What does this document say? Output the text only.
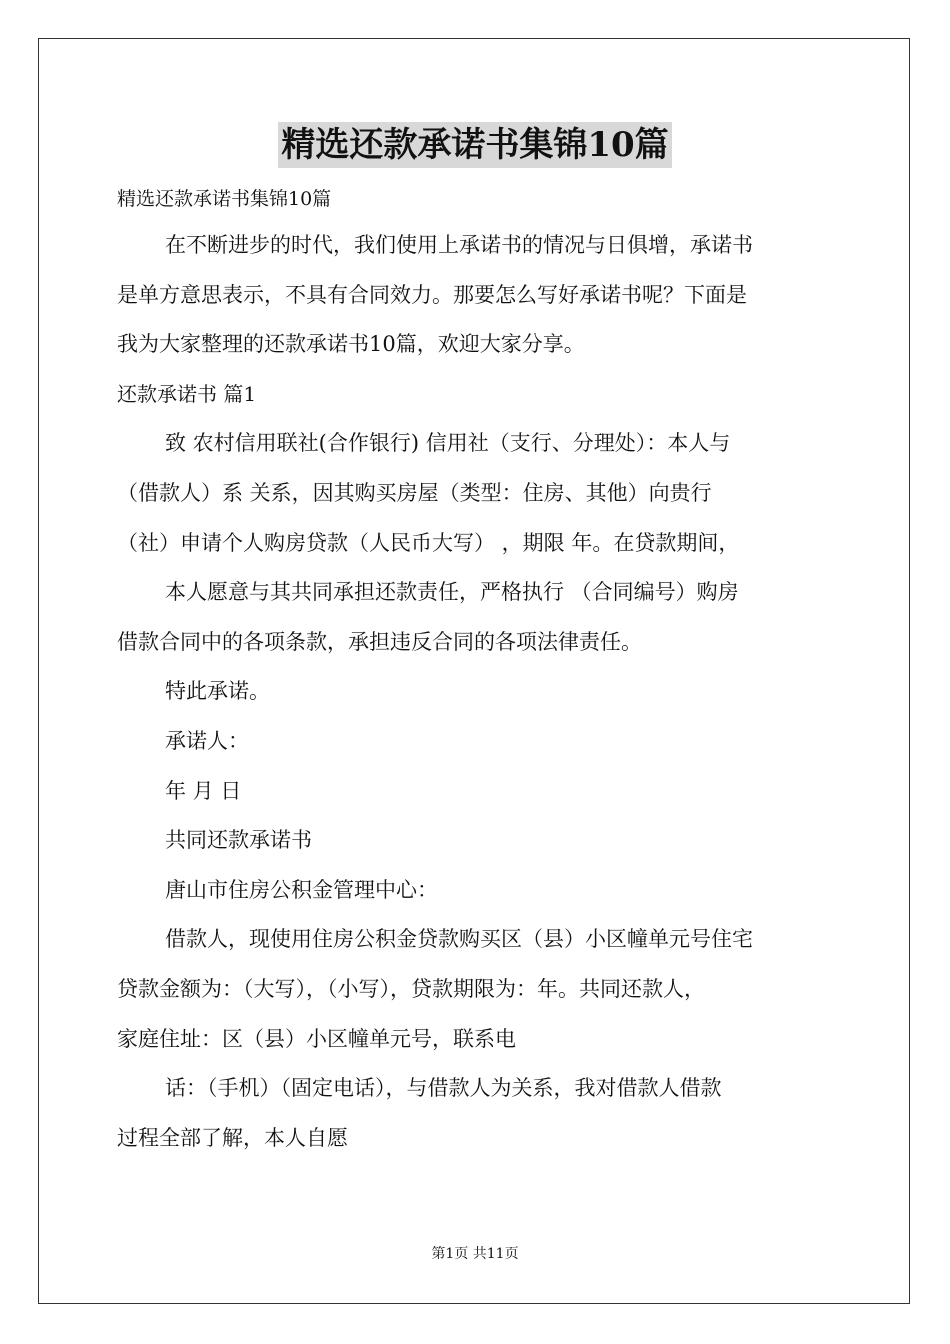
精选还款承诺书集锦10篇
精选还款承诺书集锦10篇
在不断进步的时代，我们使用上承诺书的情况与日俱增，承诺书
是单方意思表示，不具有合同效力。那要怎么写好承诺书呢？下面是
我为大家整理的还款承诺书10篇，欢迎大家分享。
还款承诺书 篇1
致 农村信用联社(合作银行) 信用社（支行、分理处）：本人与
（借款人）系 关系，因其购买房屋（类型：住房、其他）向贵行
（社）申请个人购房贷款（人民币大写） ，期限 年。在贷款期间，
本人愿意与其共同承担还款责任，严格执行 （合同编号）购房
借款合同中的各项条款，承担违反合同的各项法律责任。
特此承诺。
承诺人：
年 月 日
共同还款承诺书
唐山市住房公积金管理中心：
借款人，现使用住房公积金贷款购买区（县）小区幢单元号住宅
贷款金额为：（大写），（小写），贷款期限为：年。共同还款人，
家庭住址：区（县）小区幢单元号，联系电
话：（手机）（固定电话），与借款人为关系，我对借款人借款
过程全部了解，本人自愿
第1页 共11页
